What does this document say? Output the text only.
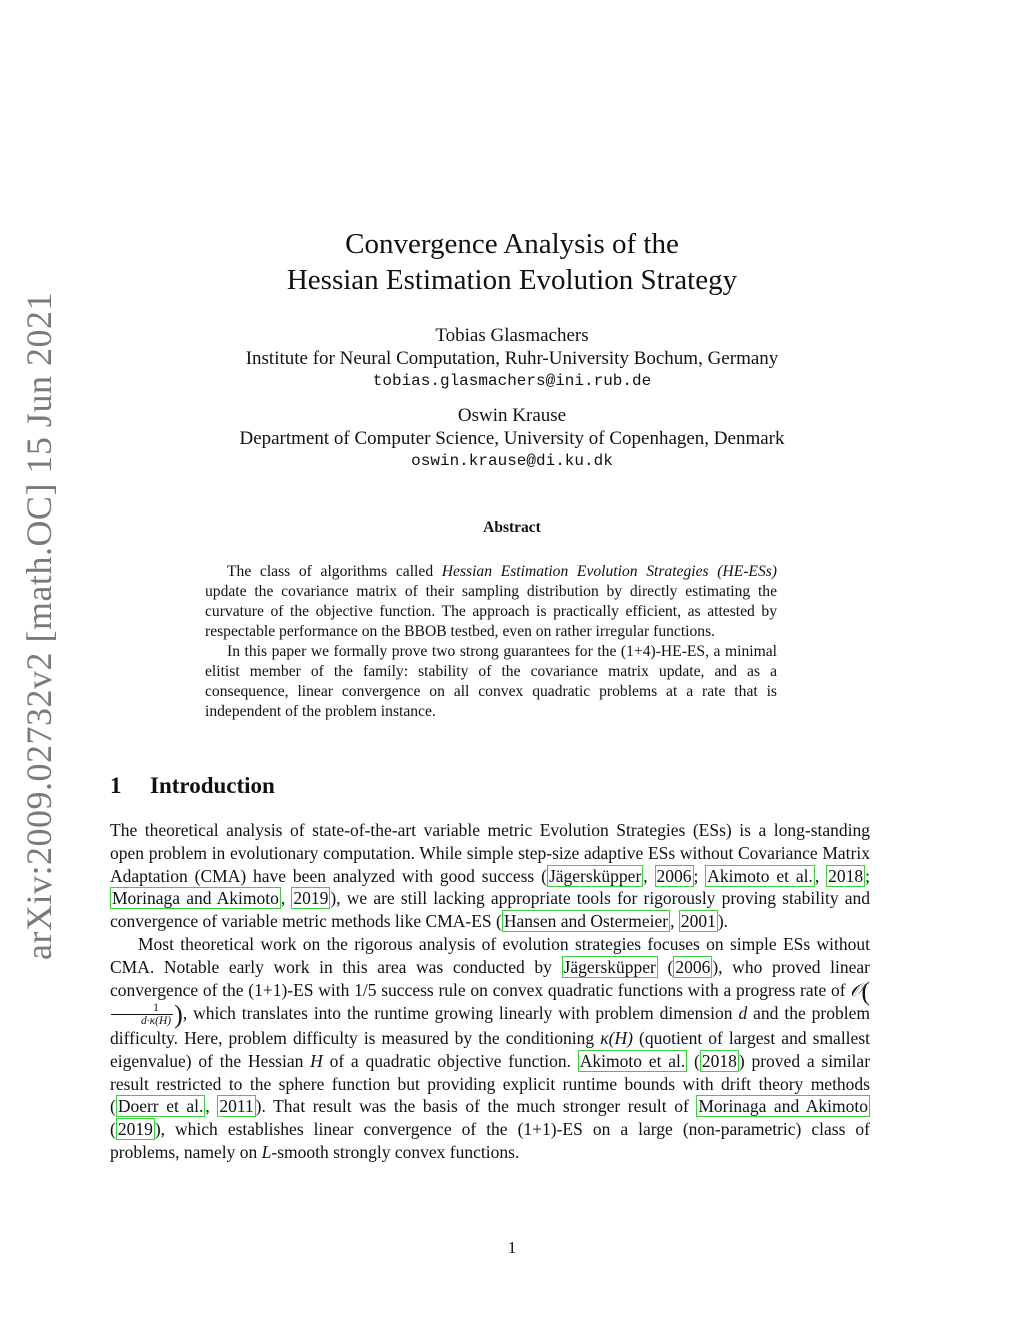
arXiv:2009.02732v2 [math.OC] 15 Jun 2021
Convergence Analysis of the
Hessian Estimation Evolution Strategy
Tobias Glasmachers
Institute for Neural Computation, Ruhr-University Bochum, Germany
tobias.glasmachers@ini.rub.de
Oswin Krause
Department of Computer Science, University of Copenhagen, Denmark
oswin.krause@di.ku.dk
Abstract

The class of algorithms called Hessian Estimation Evolution Strategies (HE-ESs) update the covariance matrix of their sampling distribution by directly estimating the curvature of the objective function. The approach is practically efficient, as attested by respectable performance on the BBOB testbed, even on rather irregular functions.

In this paper we formally prove two strong guarantees for the (1+4)-HE-ES, a minimal elitist member of the family: stability of the covariance matrix update, and as a consequence, linear convergence on all convex quadratic problems at a rate that is independent of the problem instance.

1 Introduction

The theoretical analysis of state-of-the-art variable metric Evolution Strategies (ESs) is a long-standing open problem in evolutionary computation. While simple step-size adaptive ESs without Covariance Matrix Adaptation (CMA) have been analyzed with good success ( Jägersküpper , 2006 ; Akimoto et al. , 2018 ; Morinaga and Akimoto , 2019 ), we are still lacking appropriate tools for rigorously proving stability and convergence of variable metric methods like CMA-ES ( Hansen and Ostermeier , 2001 ).

Most theoretical work on the rigorous analysis of evolution strategies focuses on simple ESs without CMA. Notable early work in this area was conducted by Jägersküpper ( 2006 ), who proved linear convergence of the (1+1)-ES with 1/5 success rule on convex quadratic functions with a progress rate of 𝒪(
$\frac{1}{d\cdot\kappa(H)}$ ), which translates into the runtime growing linearly with problem dimension d and the problem difficulty. Here, problem difficulty is measured by the conditioning κ(H) (quotient of largest and smallest eigenvalue) of the Hessian H of a quadratic objective function. Akimoto et al. ( 2018 ) proved a similar result restricted to the sphere function but providing explicit runtime bounds with drift theory methods ( Doerr et al. , 2011 ). That result was the basis of the much stronger result of Morinaga and Akimoto ( 2019 ), which establishes linear convergence of the (1+1)-ES on a large (non-parametric) class of problems, namely on L-smooth strongly convex functions.

1
